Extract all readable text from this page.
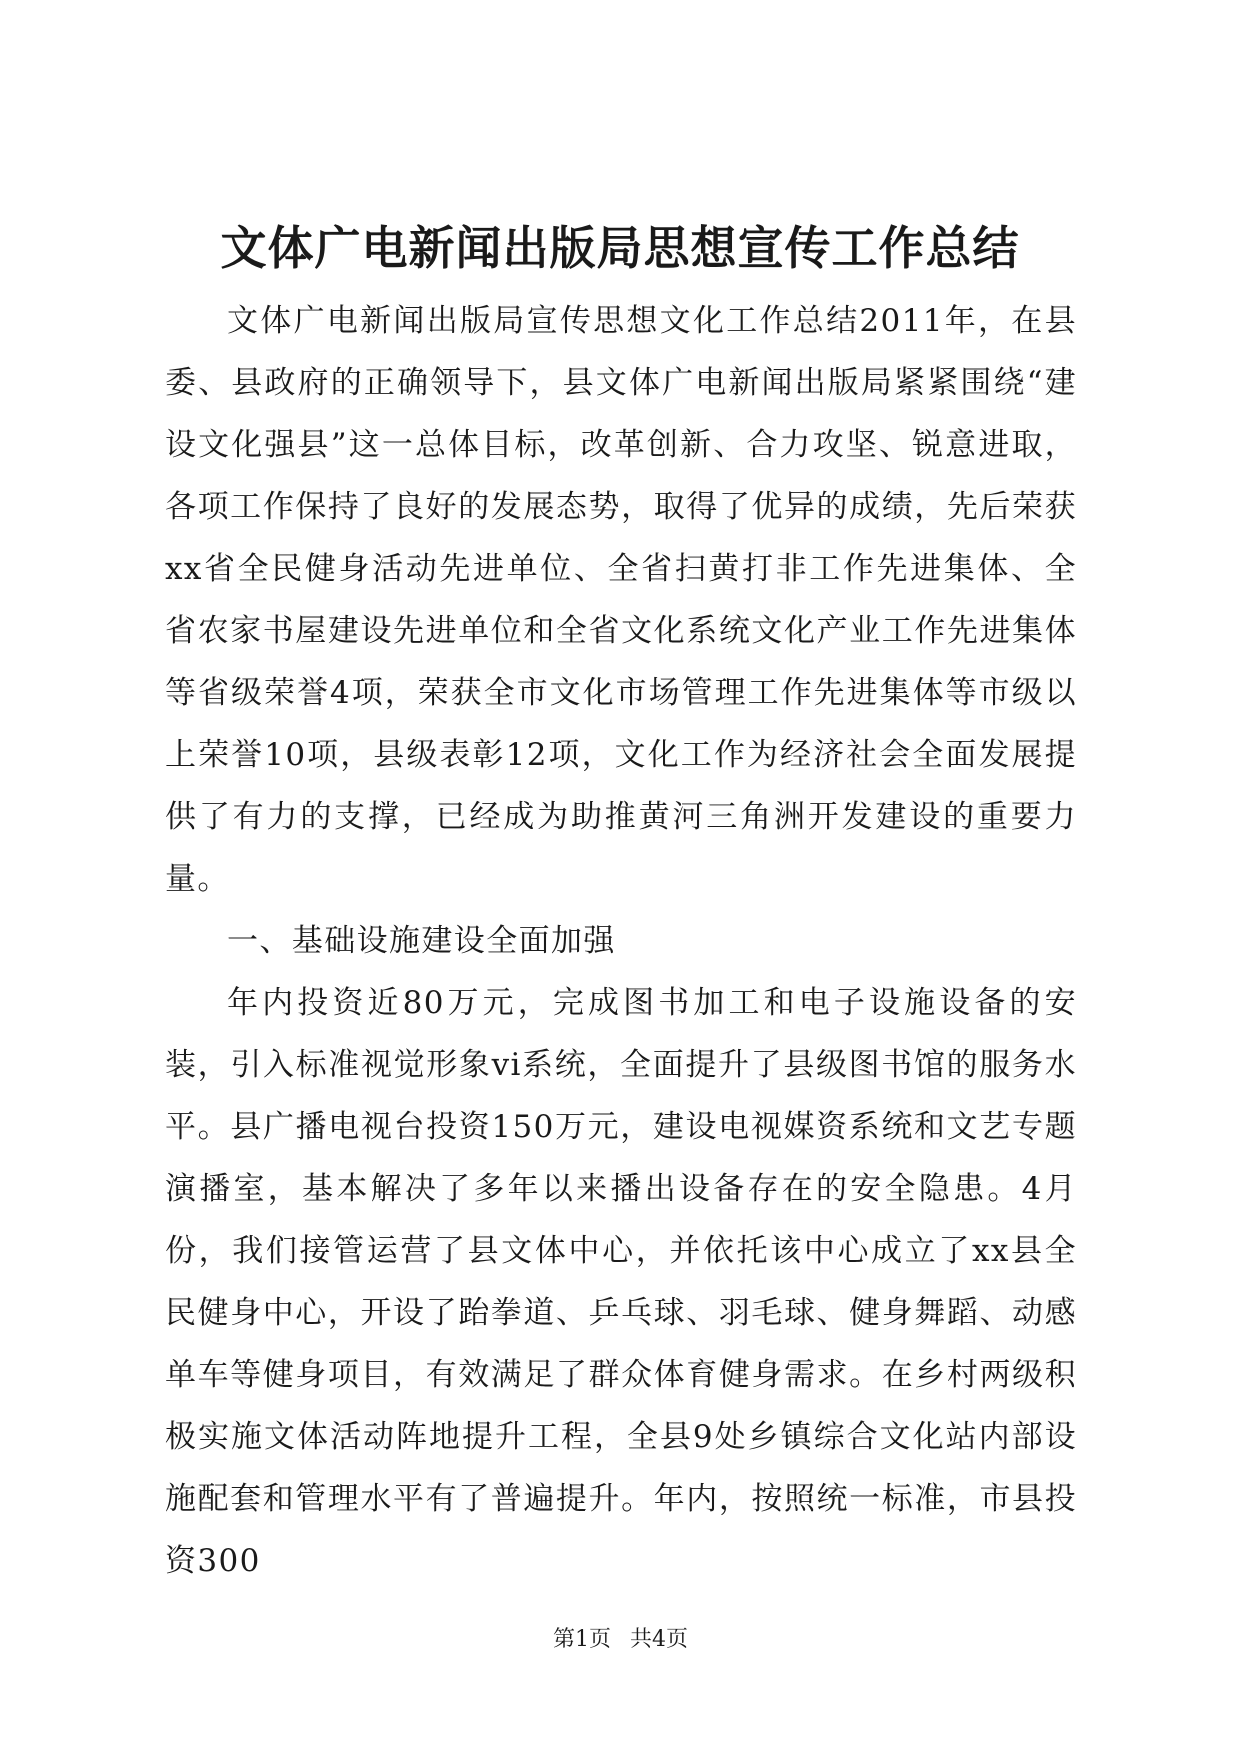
文体广电新闻出版局思想宣传工作总结

文体广电新闻出版局宣传思想文化工作总结2011年，在县委、县政府的正确领导下，县文体广电新闻出版局紧紧围绕“建设文化强县”这一总体目标，改革创新、合力攻坚、锐意进取，各项工作保持了良好的发展态势，取得了优异的成绩，先后荣获xx省全民健身活动先进单位、全省扫黄打非工作先进集体、全省农家书屋建设先进单位和全省文化系统文化产业工作先进集体等省级荣誉4项，荣获全市文化市场管理工作先进集体等市级以上荣誉10项，县级表彰12项，文化工作为经济社会全面发展提供了有力的支撑，已经成为助推黄河三角洲开发建设的重要力量。

一、基础设施建设全面加强

年内投资近80万元，完成图书加工和电子设施设备的安装，引入标准视觉形象vi系统，全面提升了县级图书馆的服务水平。县广播电视台投资150万元，建设电视媒资系统和文艺专题演播室，基本解决了多年以来播出设备存在的安全隐患。4月份，我们接管运营了县文体中心，并依托该中心成立了xx县全民健身中心，开设了跆拳道、乒乓球、羽毛球、健身舞蹈、动感单车等健身项目，有效满足了群众体育健身需求。在乡村两级积极实施文体活动阵地提升工程，全县9处乡镇综合文化站内部设施配套和管理水平有了普遍提升。年内，按照统一标准，市县投资300

第1页 共4页
